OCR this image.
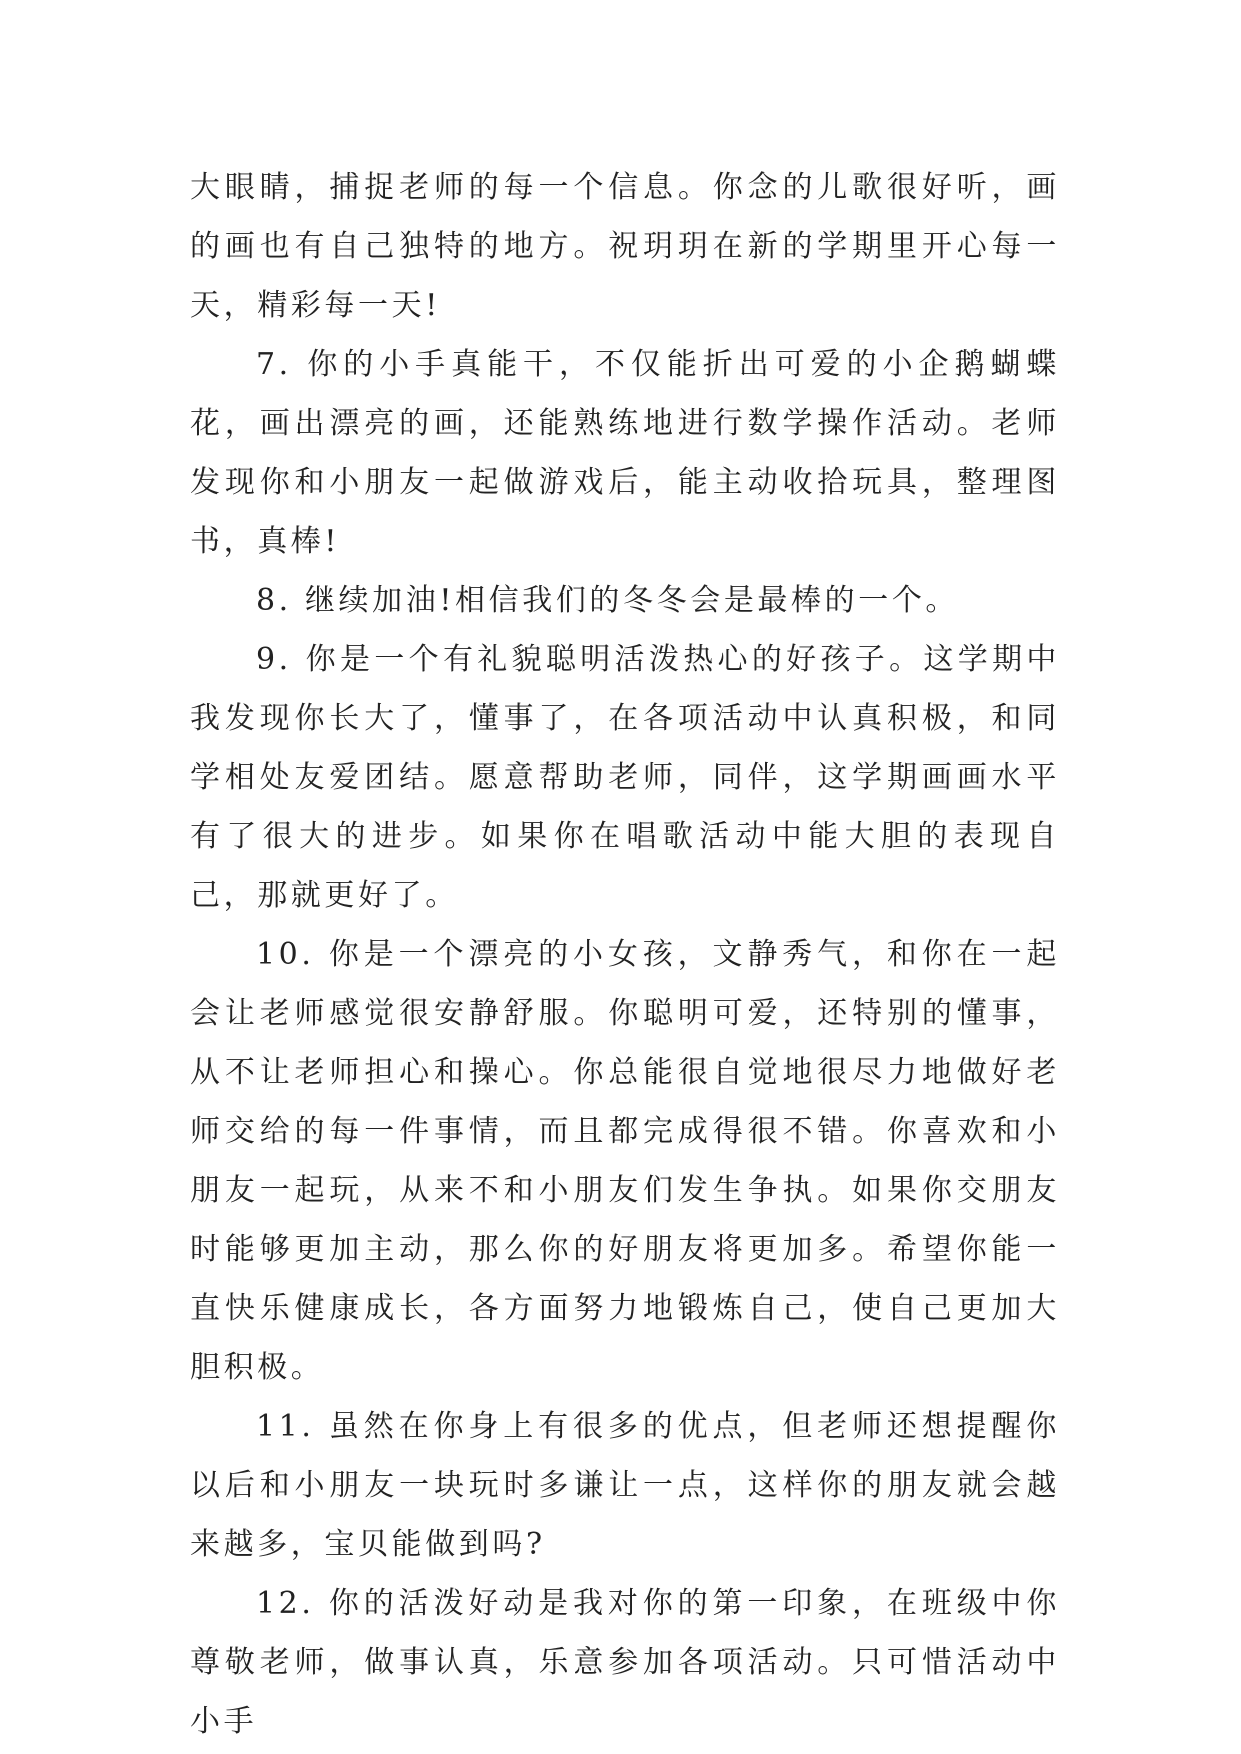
大眼睛，捕捉老师的每一个信息。你念的儿歌很好听，画的画也有自己独特的地方。祝玥玥在新的学期里开心每一天，精彩每一天!

7. 你的小手真能干，不仅能折出可爱的小企鹅蝴蝶花，画出漂亮的画，还能熟练地进行数学操作活动。老师发现你和小朋友一起做游戏后，能主动收拾玩具，整理图书，真棒!

8. 继续加油!相信我们的冬冬会是最棒的一个。

9. 你是一个有礼貌聪明活泼热心的好孩子。这学期中我发现你长大了，懂事了，在各项活动中认真积极，和同学相处友爱团结。愿意帮助老师，同伴，这学期画画水平有了很大的进步。如果你在唱歌活动中能大胆的表现自己，那就更好了。

10. 你是一个漂亮的小女孩，文静秀气，和你在一起会让老师感觉很安静舒服。你聪明可爱，还特别的懂事，从不让老师担心和操心。你总能很自觉地很尽力地做好老师交给的每一件事情，而且都完成得很不错。你喜欢和小朋友一起玩，从来不和小朋友们发生争执。如果你交朋友时能够更加主动，那么你的好朋友将更加多。希望你能一直快乐健康成长，各方面努力地锻炼自己，使自己更加大胆积极。

11. 虽然在你身上有很多的优点，但老师还想提醒你以后和小朋友一块玩时多谦让一点，这样你的朋友就会越来越多，宝贝能做到吗?

12. 你的活泼好动是我对你的第一印象，在班级中你尊敬老师，做事认真，乐意参加各项活动。只可惜活动中小手
